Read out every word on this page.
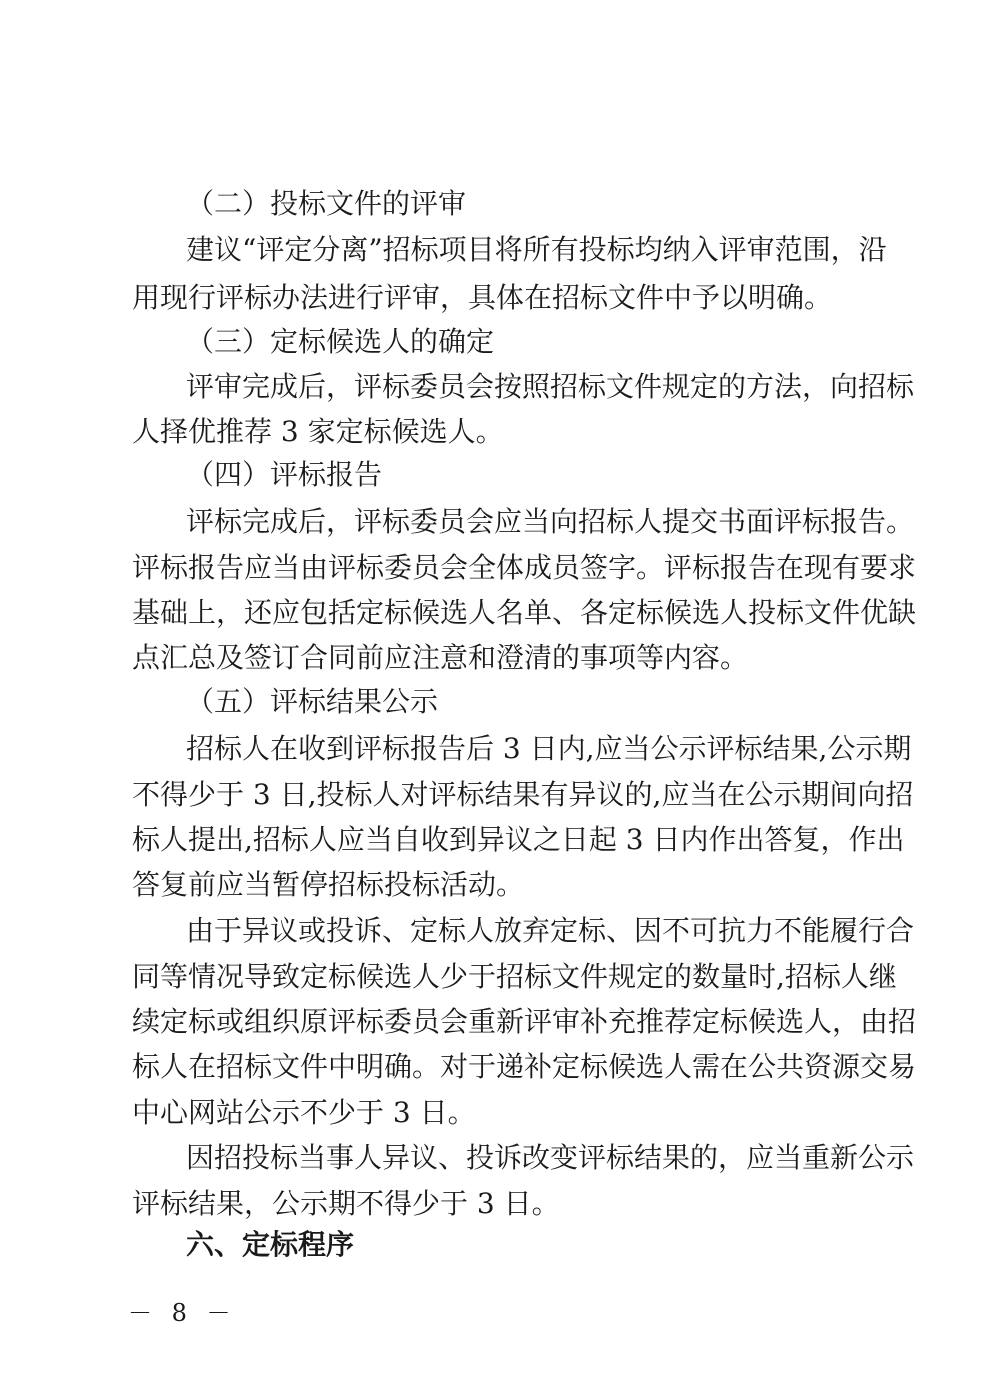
（二）投标文件的评审
建议“评定分离”招标项目将所有投标均纳入评审范围，沿
用现行评标办法进行评审，具体在招标文件中予以明确。
（三）定标候选人的确定
评审完成后，评标委员会按照招标文件规定的方法，向招标
人择优推荐 3 家定标候选人。
（四）评标报告
评标完成后，评标委员会应当向招标人提交书面评标报告。
评标报告应当由评标委员会全体成员签字。评标报告在现有要求
基础上，还应包括定标候选人名单、各定标候选人投标文件优缺
点汇总及签订合同前应注意和澄清的事项等内容。
（五）评标结果公示
招标人在收到评标报告后 3 日内,应当公示评标结果,公示期
不得少于 3 日,投标人对评标结果有异议的,应当在公示期间向招
标人提出,招标人应当自收到异议之日起 3 日内作出答复，作出
答复前应当暂停招标投标活动。
由于异议或投诉、定标人放弃定标、因不可抗力不能履行合
同等情况导致定标候选人少于招标文件规定的数量时,招标人继
续定标或组织原评标委员会重新评审补充推荐定标候选人，由招
标人在招标文件中明确。对于递补定标候选人需在公共资源交易
中心网站公示不少于 3 日。
因招投标当事人异议、投诉改变评标结果的，应当重新公示
评标结果，公示期不得少于 3 日。
六、定标程序
－ 8 －
